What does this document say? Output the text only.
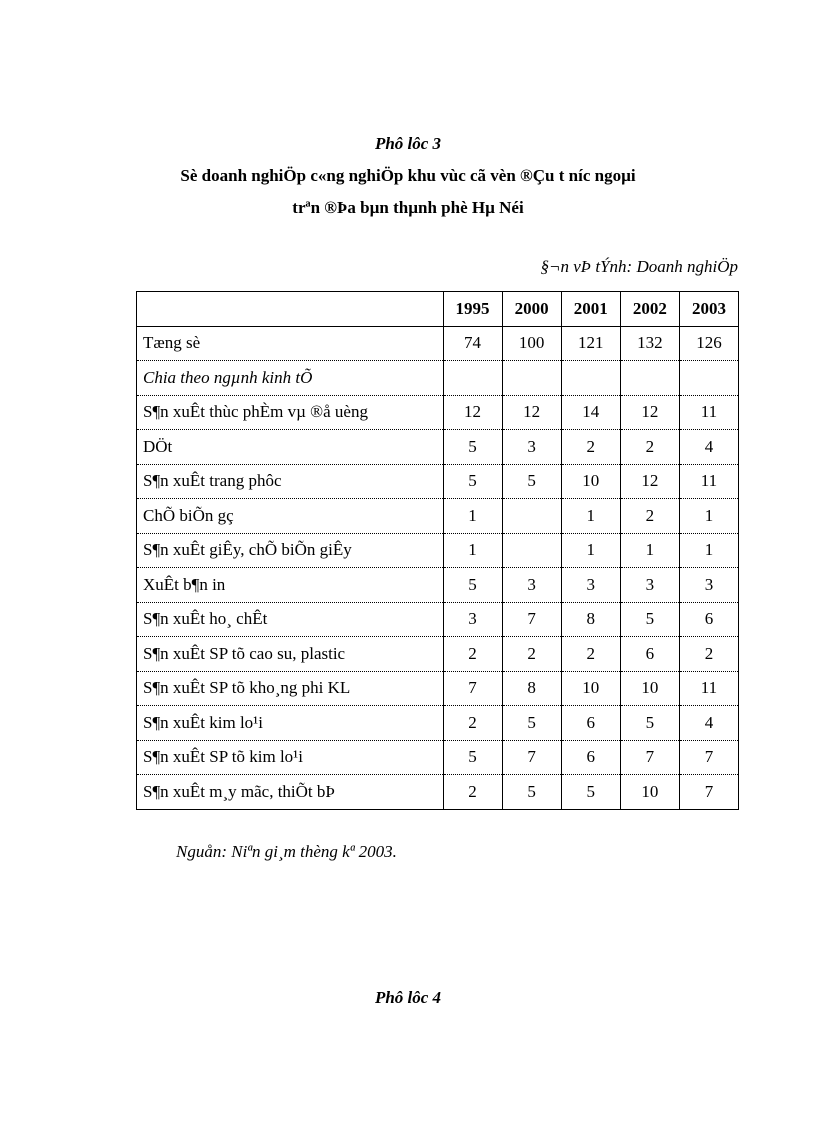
Phô lôc 3
Sè doanh nghiÖp c«ng nghiÖp khu vùc cã vèn ®Çu t níc ngoµi
trªn ®Þa bµn thµnh phè Hµ Néi
§¬n vÞ tÝnh: Doanh nghiÖp
	1995	2000	2001	2002	2003
Tæng sè	74	100	121	132	126
Chia theo ngµnh kinh tÕ					
S¶n xuÊt thùc phÈm vµ ®å uèng	12	12	14	12	11
DÖt	5	3	2	2	4
S¶n xuÊt trang phôc	5	5	10	12	11
ChÕ biÕn gç	1		1	2	1
S¶n xuÊt giÊy, chÕ biÕn giÊy	1		1	1	1
XuÊt b¶n in	5	3	3	3	3
S¶n xuÊt ho¸ chÊt	3	7	8	5	6
S¶n xuÊt SP tõ cao su, plastic	2	2	2	6	2
S¶n xuÊt SP tõ kho¸ng phi KL	7	8	10	10	11
S¶n xuÊt kim lo¹i	2	5	6	5	4
S¶n xuÊt SP tõ kim lo¹i	5	7	6	7	7
S¶n xuÊt m¸y mãc, thiÕt bÞ	2	5	5	10	7
Nguån: Niªn gi¸m thèng kª 2003.
Phô lôc 4
